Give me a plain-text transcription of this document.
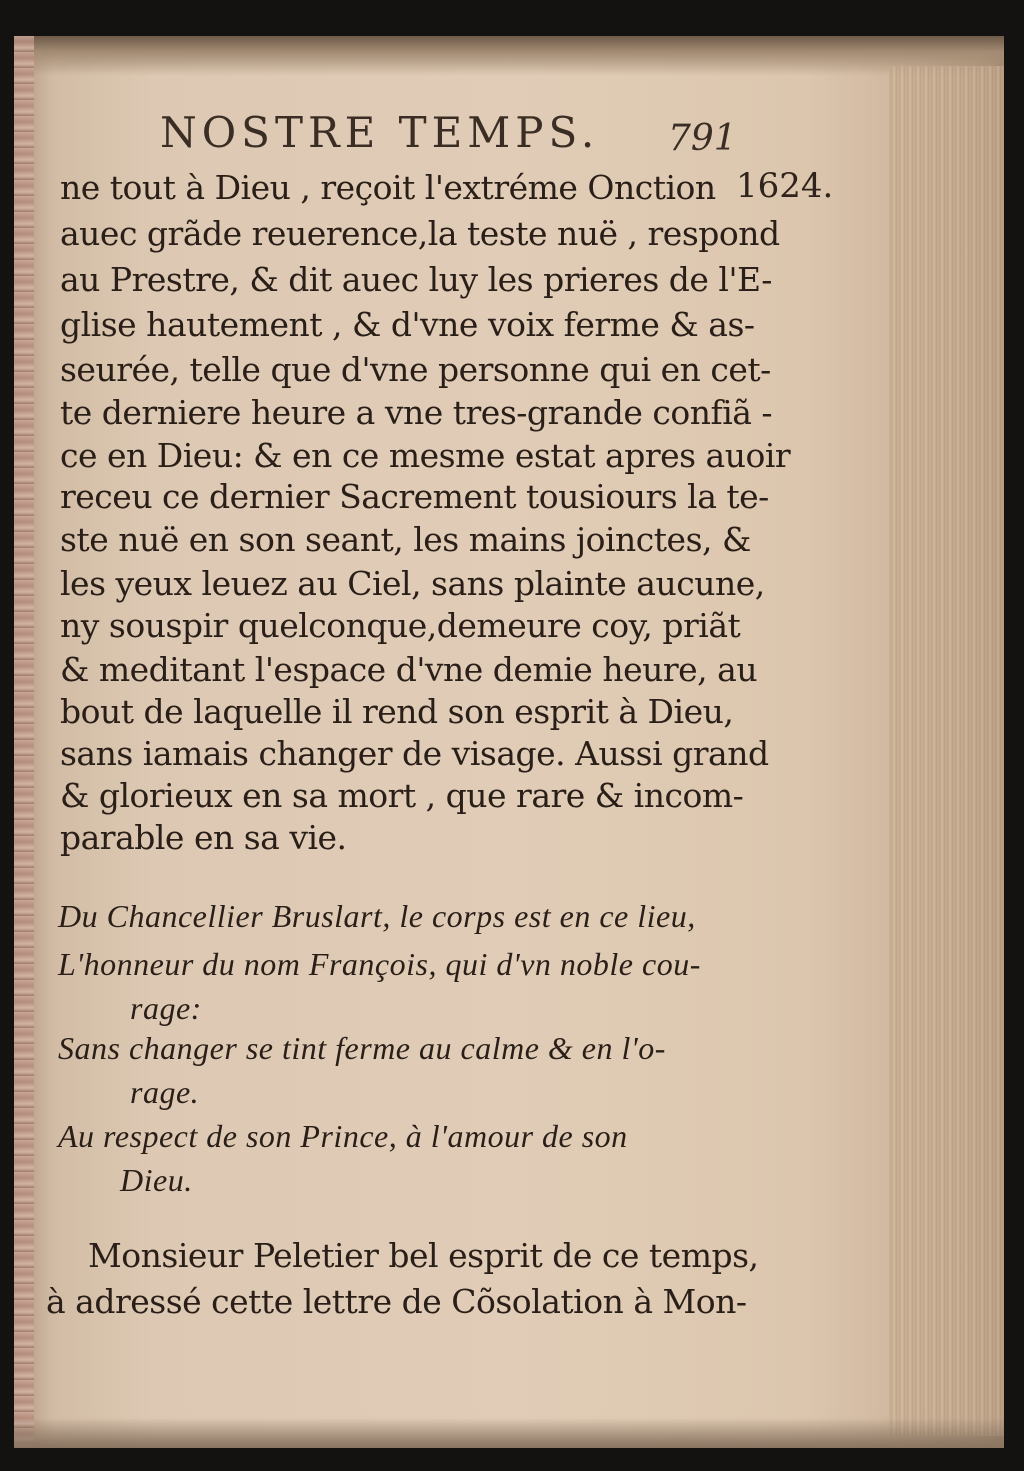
NOSTRE TEMPS. 791
1624.
ne tout à Dieu , reçoit l'extréme Onction
auec grãde reuerence,la teste nuë , respond
au Prestre, & dit auec luy les prieres de l'E-
glise hautement , & d'vne voix ferme & as-
seurée, telle que d'vne personne qui en cet-
te derniere heure a vne tres-grande confiã -
ce en Dieu: & en ce mesme estat apres auoir
receu ce dernier Sacrement tousiours la te-
ste nuë en son seant, les mains joinctes, &
les yeux leuez au Ciel, sans plainte aucune,
ny souspir quelconque,demeure coy, priãt
& meditant l'espace d'vne demie heure, au
bout de laquelle il rend son esprit à Dieu,
sans iamais changer de visage. Aussi grand
& glorieux en sa mort , que rare & incom-
parable en sa vie.
Du Chancellier Bruslart, le corps est en ce lieu,
L'honneur du nom François, qui d'vn noble cou-
rage:
Sans changer se tint ferme au calme & en l'o-
rage.
Au respect de son Prince, à l'amour de son
Dieu.
Monsieur Peletier bel esprit de ce temps,
à adressé cette lettre de Cõsolation à Mon-
